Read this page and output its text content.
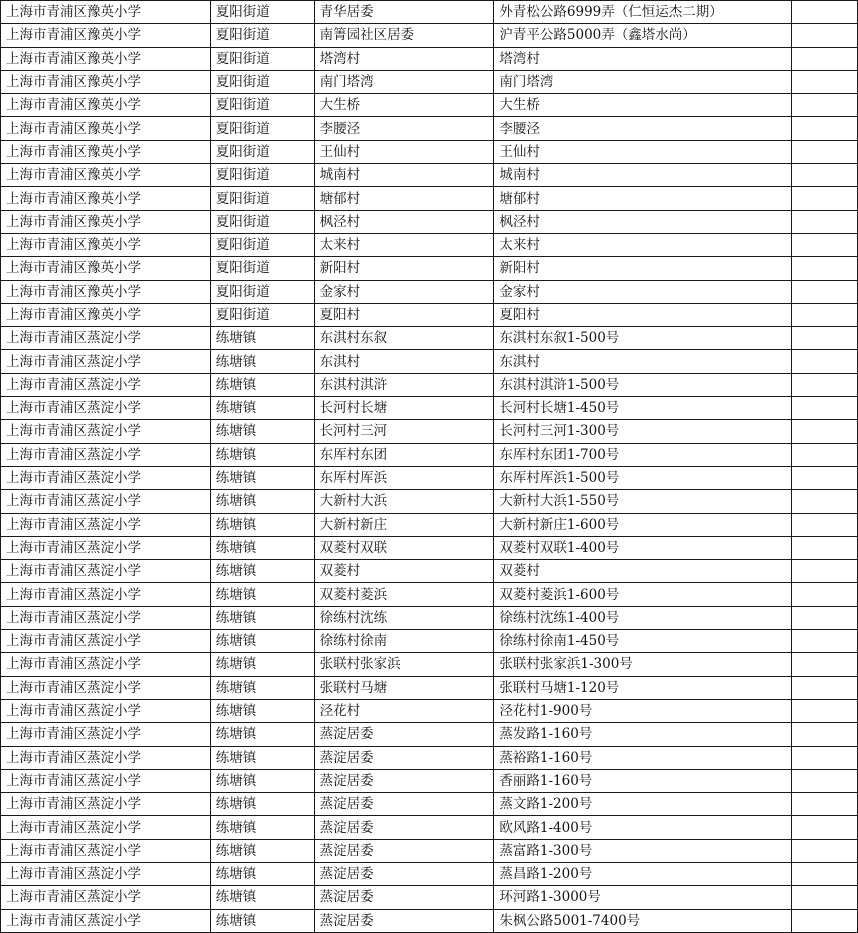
上海市青浦区豫英小学	夏阳街道	青华居委	外青松公路6999弄（仁恒运杰二期）	
上海市青浦区豫英小学	夏阳街道	南箐园社区居委	沪青平公路5000弄（鑫塔水尚）	
上海市青浦区豫英小学	夏阳街道	塔湾村	塔湾村	
上海市青浦区豫英小学	夏阳街道	南门塔湾	南门塔湾	
上海市青浦区豫英小学	夏阳街道	大生桥	大生桥	
上海市青浦区豫英小学	夏阳街道	李腰泾	李腰泾	
上海市青浦区豫英小学	夏阳街道	王仙村	王仙村	
上海市青浦区豫英小学	夏阳街道	城南村	城南村	
上海市青浦区豫英小学	夏阳街道	塘郁村	塘郁村	
上海市青浦区豫英小学	夏阳街道	枫泾村	枫泾村	
上海市青浦区豫英小学	夏阳街道	太来村	太来村	
上海市青浦区豫英小学	夏阳街道	新阳村	新阳村	
上海市青浦区豫英小学	夏阳街道	金家村	金家村	
上海市青浦区豫英小学	夏阳街道	夏阳村	夏阳村	
上海市青浦区蒸淀小学	练塘镇	东淇村东叙	东淇村东叙1-500号	
上海市青浦区蒸淀小学	练塘镇	东淇村	东淇村	
上海市青浦区蒸淀小学	练塘镇	东淇村淇浒	东淇村淇浒1-500号	
上海市青浦区蒸淀小学	练塘镇	长河村长塘	长河村长塘1-450号	
上海市青浦区蒸淀小学	练塘镇	长河村三河	长河村三河1-300号	
上海市青浦区蒸淀小学	练塘镇	东厍村东团	东厍村东团1-700号	
上海市青浦区蒸淀小学	练塘镇	东厍村厍浜	东厍村厍浜1-500号	
上海市青浦区蒸淀小学	练塘镇	大新村大浜	大新村大浜1-550号	
上海市青浦区蒸淀小学	练塘镇	大新村新庄	大新村新庄1-600号	
上海市青浦区蒸淀小学	练塘镇	双菱村双联	双菱村双联1-400号	
上海市青浦区蒸淀小学	练塘镇	双菱村	双菱村	
上海市青浦区蒸淀小学	练塘镇	双菱村菱浜	双菱村菱浜1-600号	
上海市青浦区蒸淀小学	练塘镇	徐练村沈练	徐练村沈练1-400号	
上海市青浦区蒸淀小学	练塘镇	徐练村徐南	徐练村徐南1-450号	
上海市青浦区蒸淀小学	练塘镇	张联村张家浜	张联村张家浜1-300号	
上海市青浦区蒸淀小学	练塘镇	张联村马塘	张联村马塘1-120号	
上海市青浦区蒸淀小学	练塘镇	泾花村	泾花村1-900号	
上海市青浦区蒸淀小学	练塘镇	蒸淀居委	蒸发路1-160号	
上海市青浦区蒸淀小学	练塘镇	蒸淀居委	蒸裕路1-160号	
上海市青浦区蒸淀小学	练塘镇	蒸淀居委	香丽路1-160号	
上海市青浦区蒸淀小学	练塘镇	蒸淀居委	蒸文路1-200号	
上海市青浦区蒸淀小学	练塘镇	蒸淀居委	欧风路1-400号	
上海市青浦区蒸淀小学	练塘镇	蒸淀居委	蒸富路1-300号	
上海市青浦区蒸淀小学	练塘镇	蒸淀居委	蒸昌路1-200号	
上海市青浦区蒸淀小学	练塘镇	蒸淀居委	环河路1-3000号	
上海市青浦区蒸淀小学	练塘镇	蒸淀居委	朱枫公路5001-7400号	
